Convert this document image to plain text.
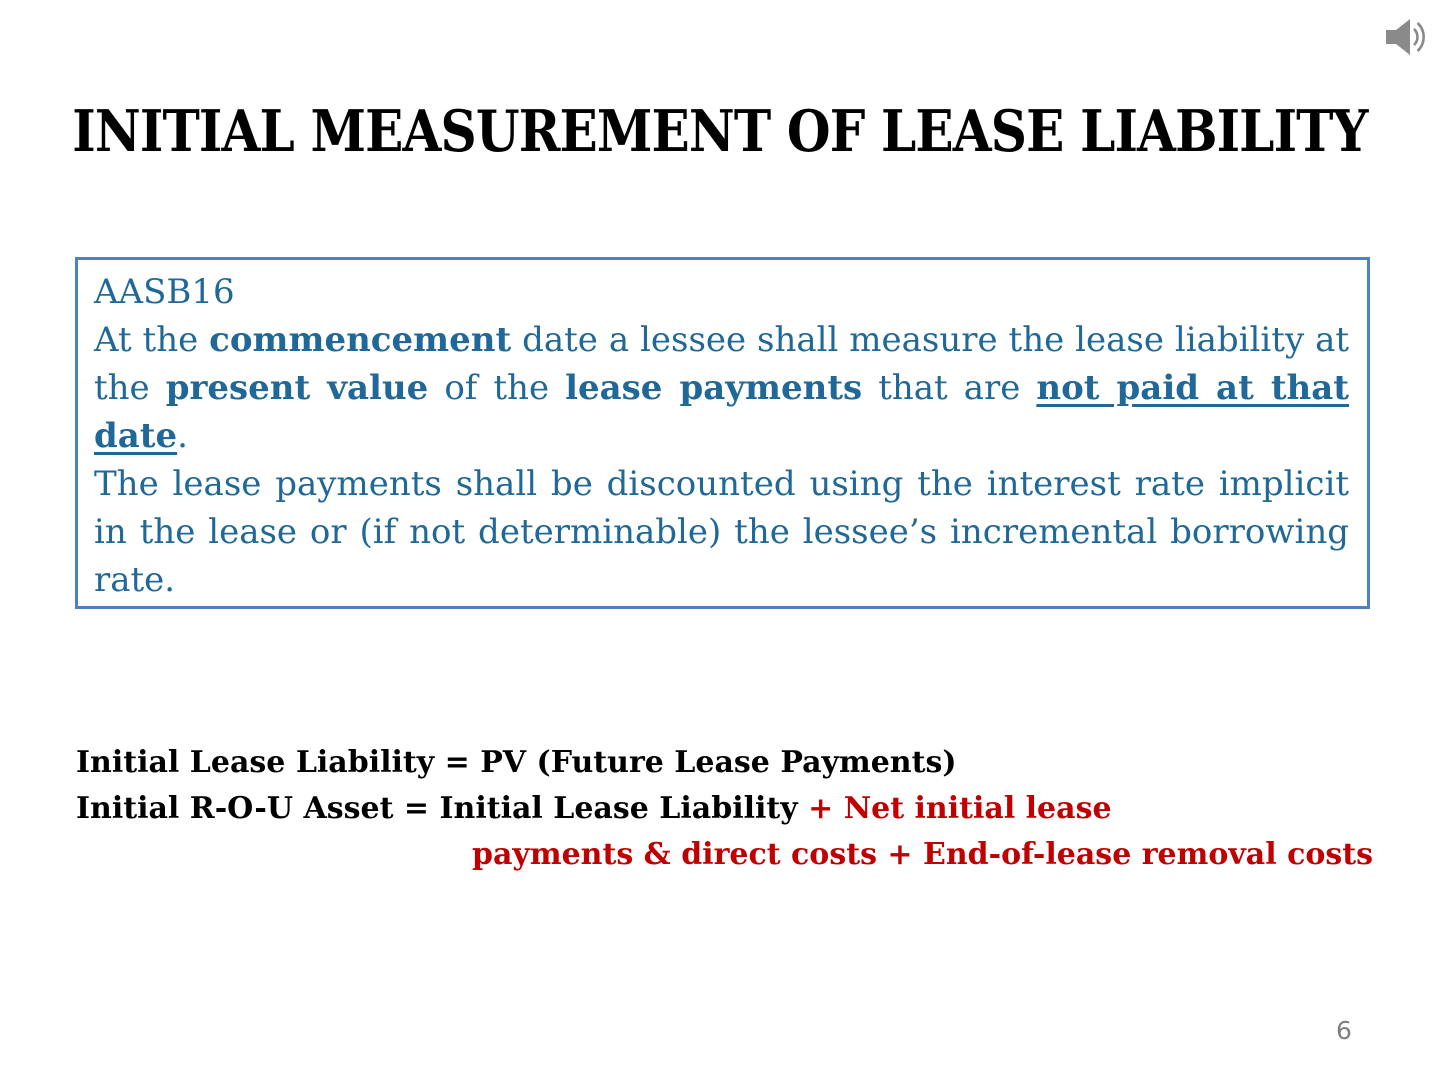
INITIAL MEASUREMENT OF LEASE LIABILITY

AASB16

At the commencement date a lessee shall measure the lease liability at the present value of the lease payments that are not paid at that date.

The lease payments shall be discounted using the interest rate implicit in the lease or (if not determinable) the lessee’s incremental borrowing rate.

Initial Lease Liability = PV (Future Lease Payments)
Initial R-O-U Asset = Initial Lease Liability + Net initial lease
payments & direct costs + End-of-lease removal costs
6
